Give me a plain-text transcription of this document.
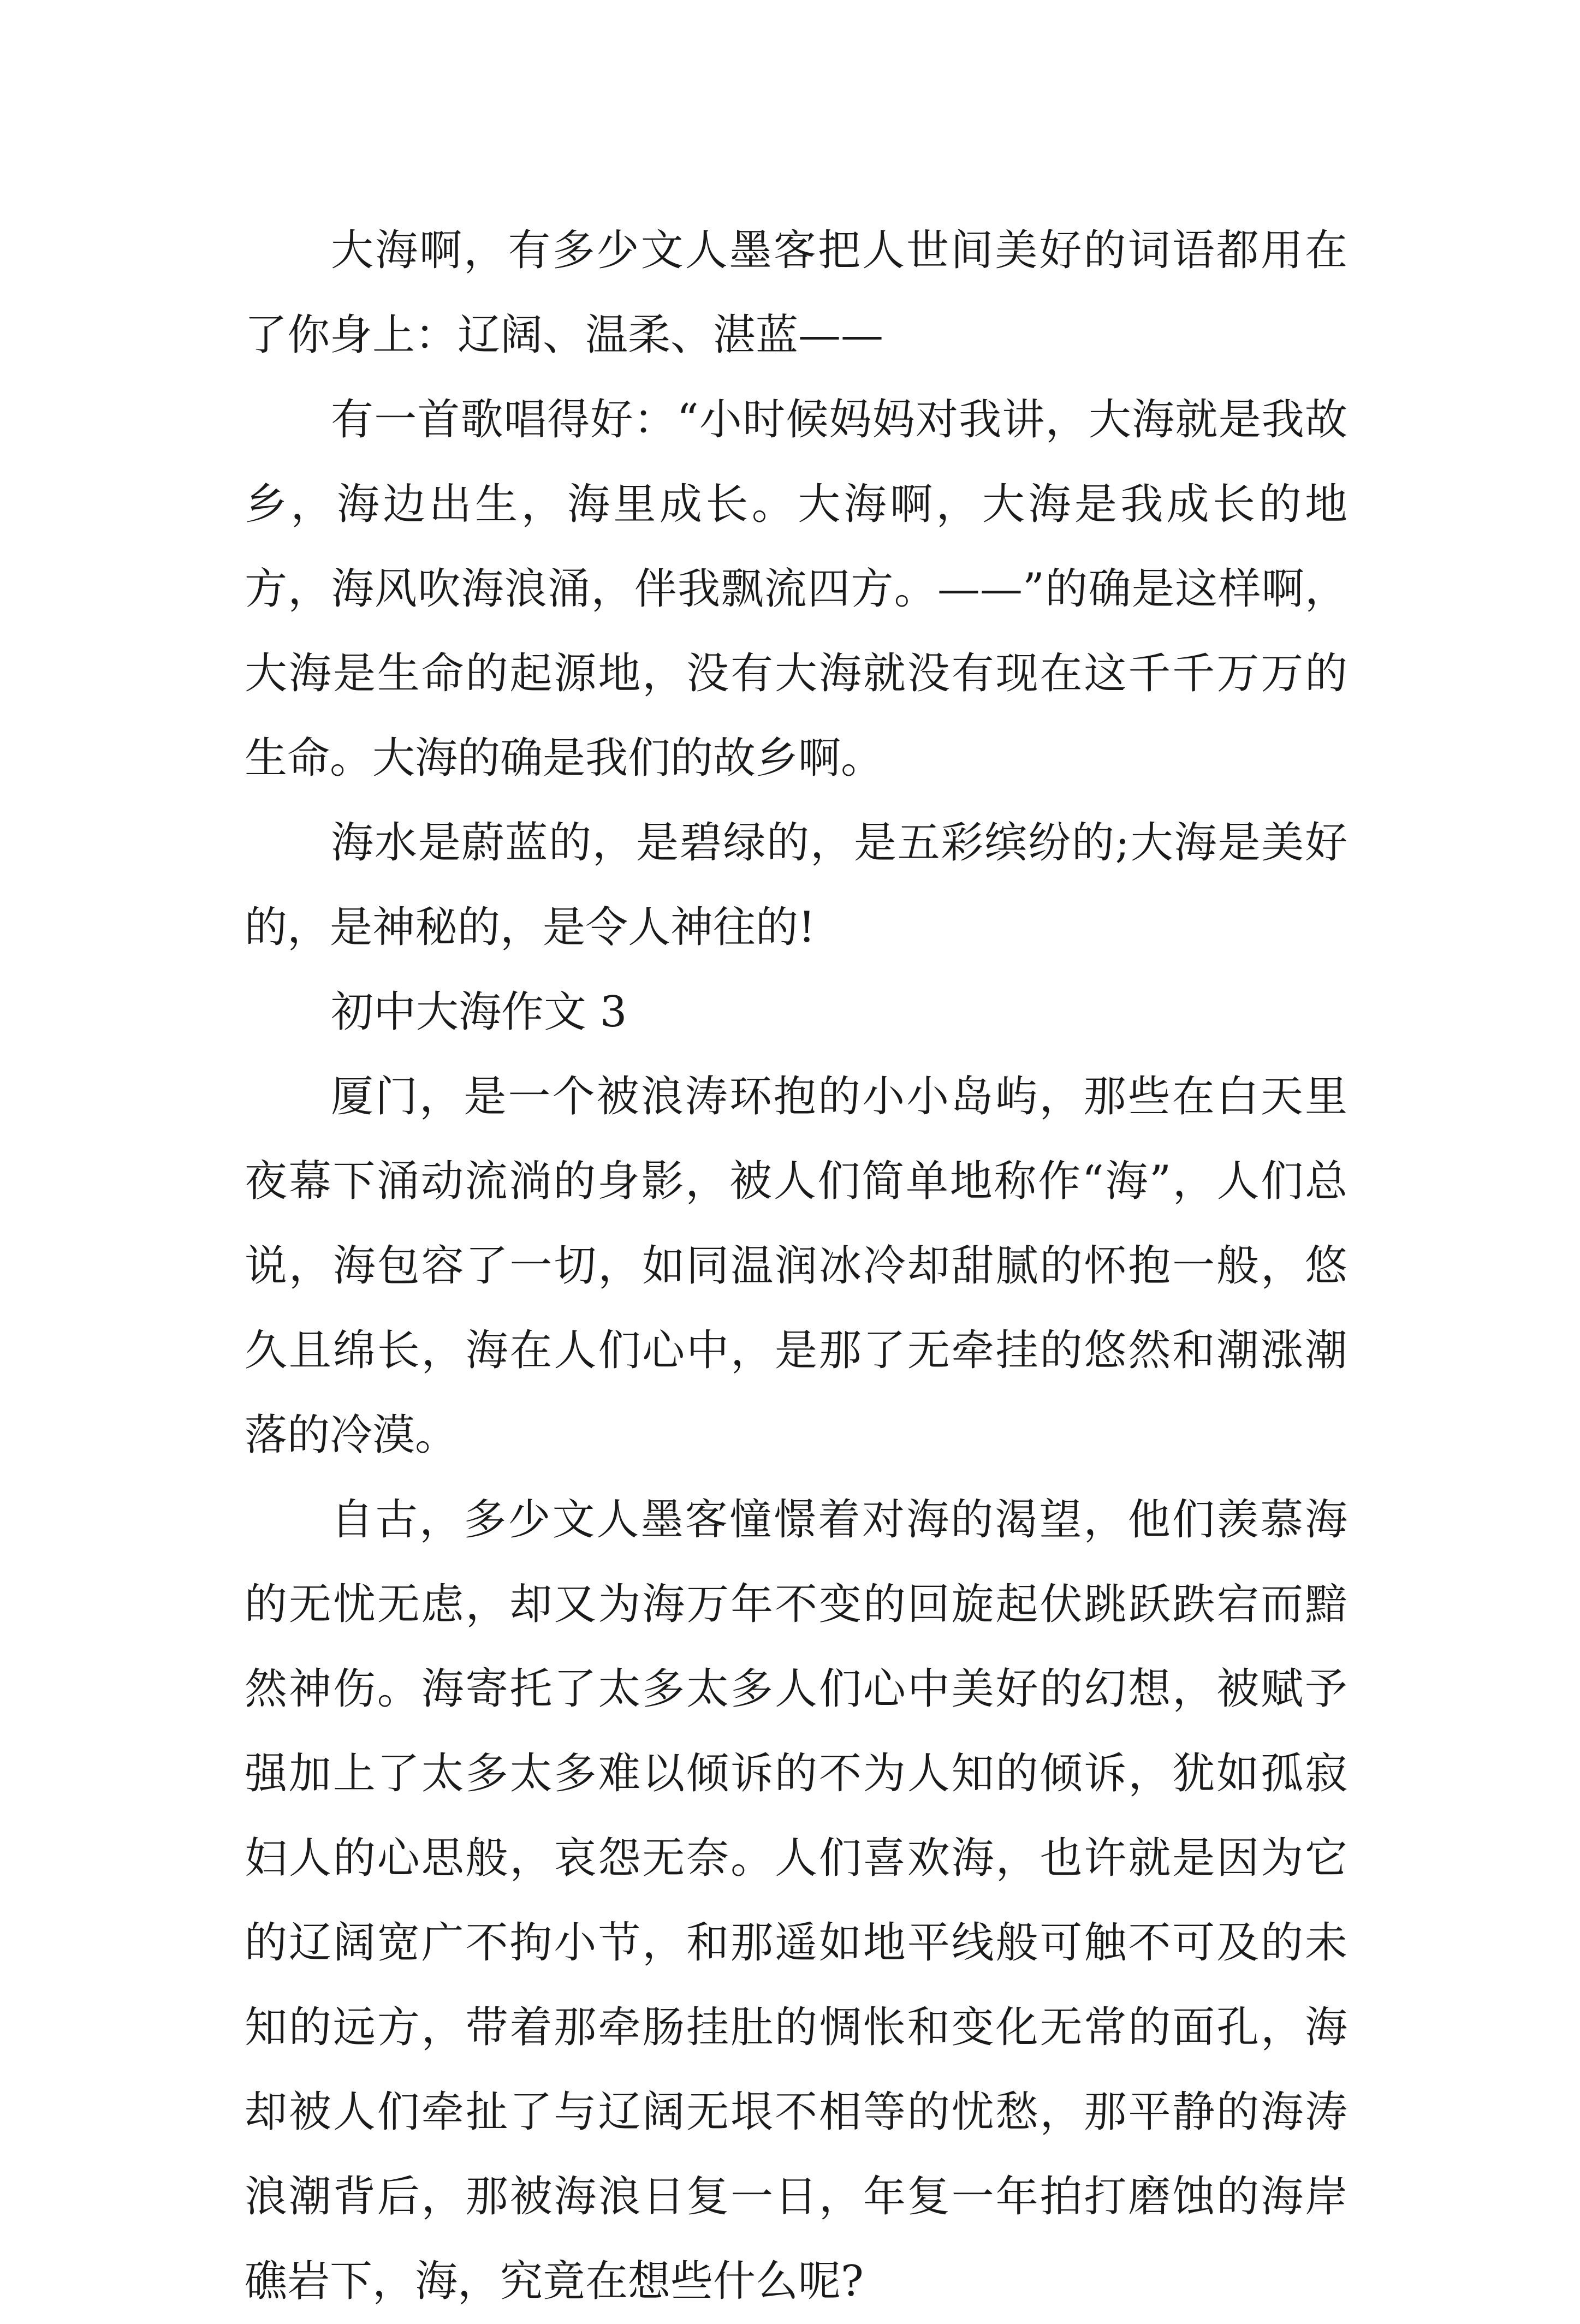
大海啊，有多少文人墨客把人世间美好的词语都用在了你身上：辽阔、温柔、湛蓝——

有一首歌唱得好：“小时候妈妈对我讲，大海就是我故乡，海边出生，海里成长。大海啊，大海是我成长的地方，海风吹海浪涌，伴我飘流四方。——”的确是这样啊，大海是生命的起源地，没有大海就没有现在这千千万万的生命。大海的确是我们的故乡啊。

海水是蔚蓝的，是碧绿的，是五彩缤纷的;大海是美好的，是神秘的，是令人神往的!

初中大海作文 3

厦门，是一个被浪涛环抱的小小岛屿，那些在白天里夜幕下涌动流淌的身影，被人们简单地称作“海”，人们总说，海包容了一切，如同温润冰冷却甜腻的怀抱一般，悠久且绵长，海在人们心中，是那了无牵挂的悠然和潮涨潮落的冷漠。

自古，多少文人墨客憧憬着对海的渴望，他们羡慕海的无忧无虑，却又为海万年不变的回旋起伏跳跃跌宕而黯然神伤。海寄托了太多太多人们心中美好的幻想，被赋予强加上了太多太多难以倾诉的不为人知的倾诉，犹如孤寂妇人的心思般，哀怨无奈。人们喜欢海，也许就是因为它的辽阔宽广不拘小节，和那遥如地平线般可触不可及的未知的远方，带着那牵肠挂肚的惆怅和变化无常的面孔，海却被人们牵扯了与辽阔无垠不相等的忧愁，那平静的海涛浪潮背后，那被海浪日复一日，年复一年拍打磨蚀的海岸礁岩下，海，究竟在想些什么呢?
